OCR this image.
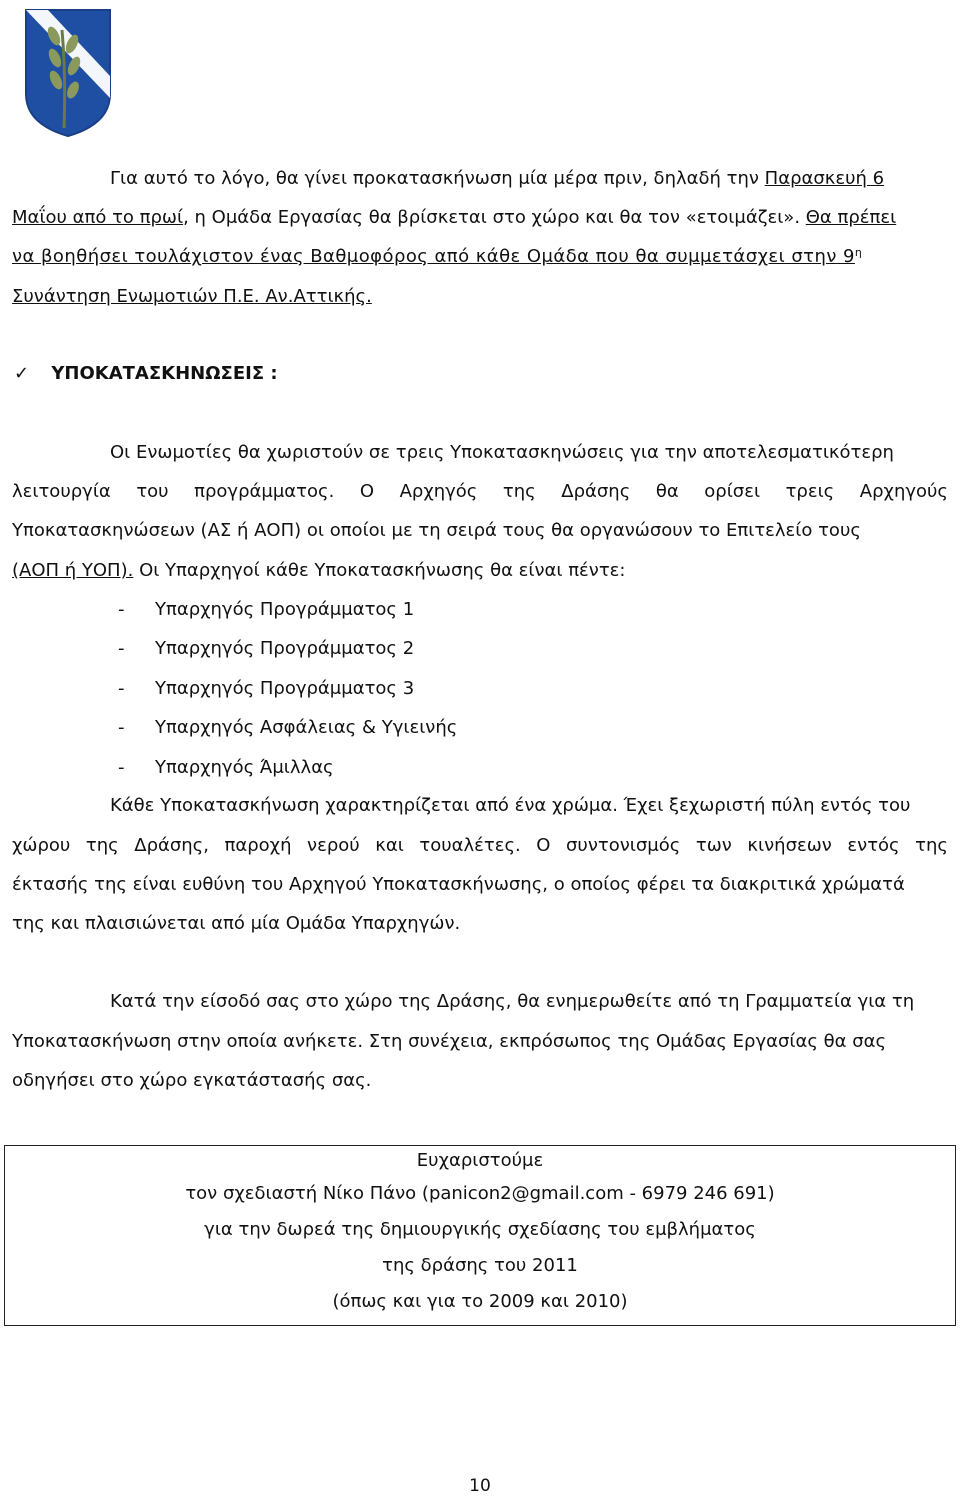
Για αυτό το λόγο, θα γίνει προκατασκήνωση μία μέρα πριν, δηλαδή την Παρασκευή 6
Μαΐου από το πρωί, η Ομάδα Εργασίας θα βρίσκεται στο χώρο και θα τον «ετοιμάζει». Θα πρέπει
να βοηθήσει τουλάχιστον ένας Βαθμοφόρος από κάθε Ομάδα που θα συμμετάσχει στην $9^\eta$
Συνάντηση Ενωμοτιών Π.Ε. Αν.Αττικής.
✓ ΥΠΟΚΑΤΑΣΚΗΝΩΣΕΙΣ :
Οι Ενωμοτίες θα χωριστούν σε τρεις Υποκατασκηνώσεις για την αποτελεσματικότερη
λειτουργία του προγράμματος. Ο Αρχηγός της Δράσης θα ορίσει τρεις Αρχηγούς
Υποκατασκηνώσεων (ΑΣ ή ΑΟΠ) οι οποίοι με τη σειρά τους θα οργανώσουν το Επιτελείο τους
(ΑΟΠ ή ΥΟΠ). Οι Υπαρχηγοί κάθε Υποκατασκήνωσης θα είναι πέντε:
- Υπαρχηγός Προγράμματος 1
- Υπαρχηγός Προγράμματος 2
- Υπαρχηγός Προγράμματος 3
- Υπαρχηγός Ασφάλειας & Υγιεινής
- Υπαρχηγός Άμιλλας
Κάθε Υποκατασκήνωση χαρακτηρίζεται από ένα χρώμα. Έχει ξεχωριστή πύλη εντός του
χώρου της Δράσης, παροχή νερού και τουαλέτες. Ο συντονισμός των κινήσεων εντός της
έκτασής της είναι ευθύνη του Αρχηγού Υποκατασκήνωσης, ο οποίος φέρει τα διακριτικά χρώματά
της και πλαισιώνεται από μία Ομάδα Υπαρχηγών.
Κατά την είσοδό σας στο χώρο της Δράσης, θα ενημερωθείτε από τη Γραμματεία για τη
Υποκατασκήνωση στην οποία ανήκετε. Στη συνέχεια, εκπρόσωπος της Ομάδας Εργασίας θα σας
οδηγήσει στο χώρο εγκατάστασής σας.
Ευχαριστούμε
τον σχεδιαστή Νίκο Πάνο (panicon2@gmail.com - 6979 246 691)
για την δωρεά της δημιουργικής σχεδίασης του εμβλήματος
της δράσης του 2011
(όπως και για το 2009 και 2010)
10
